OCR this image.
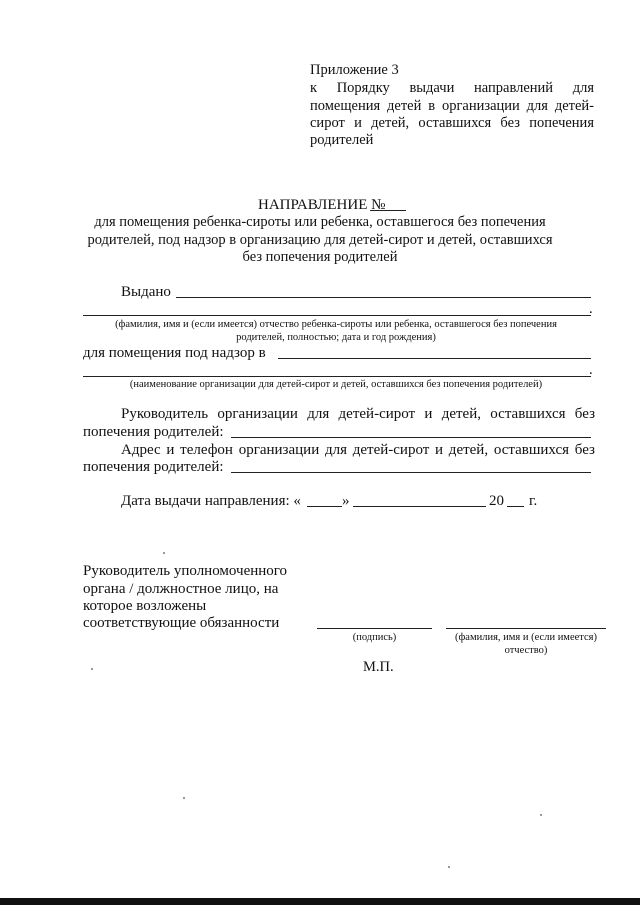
Приложение 3
к Порядку выдачи направлений для
помещения детей в организации для детей-
сирот и детей, оставшихся без попечения
родителей
НАПРАВЛЕНИЕ №
для помещения ребенка-сироты или ребенка, оставшегося без попечения
родителей, под надзор в организацию для детей-сирот и детей, оставшихся
без попечения родителей
Выдано
.
(фамилия, имя и (если имеется) отчество ребенка-сироты или ребенка, оставшегося без попечения
родителей, полностью; дата и год рождения)
для помещения под надзор в
.
(наименование организации для детей-сирот и детей, оставшихся без попечения родителей)
Руководитель организации для детей-сирот и детей, оставшихся без
попечения родителей:
Адрес и телефон организации для детей-сирот и детей, оставшихся без
попечения родителей:
Дата выдачи направления: «	»	20 г.
Руководитель уполномоченного
органа / должностное лицо, на
которое возложены
соответствующие обязанности
(подпись)	(фамилия, имя и (если имеется)
отчество)
М.П.
